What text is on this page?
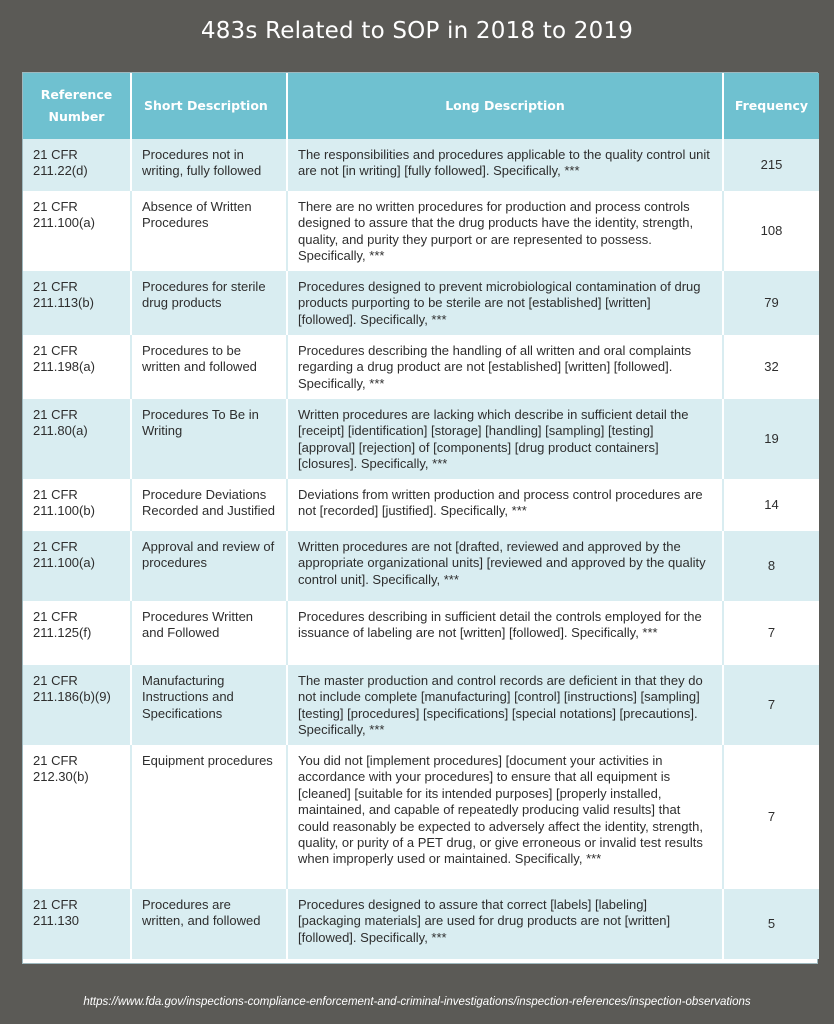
483s Related to SOP in 2018 to 2019
Reference Number	Short Description	Long Description	Frequency
21 CFR 211.22(d)	Procedures not in writing, fully followed	The responsibilities and procedures applicable to the quality control unit are not [in writing] [fully followed]. Specifically, ***	215
21 CFR 211.100(a)	Absence of Written Procedures	There are no written procedures for production and process controls designed to assure that the drug products have the identity, strength, quality, and purity they purport or are represented to possess. Specifically, ***	108
21 CFR 211.113(b)	Procedures for sterile drug products	Procedures designed to prevent microbiological contamination of drug products purporting to be sterile are not [established] [written] [followed]. Specifically, ***	79
21 CFR 211.198(a)	Procedures to be written and followed	Procedures describing the handling of all written and oral complaints regarding a drug product are not [established] [written] [followed]. Specifically, ***	32
21 CFR 211.80(a)	Procedures To Be in Writing	Written procedures are lacking which describe in sufficient detail the [receipt] [identification] [storage] [handling] [sampling] [testing] [approval] [rejection] of [components] [drug product containers] [closures]. Specifically, ***	19
21 CFR 211.100(b)	Procedure Deviations Recorded and Justified	Deviations from written production and process control procedures are not [recorded] [justified]. Specifically, ***	14
21 CFR 211.100(a)	Approval and review of procedures	Written procedures are not [drafted, reviewed and approved by the appropriate organizational units] [reviewed and approved by the quality control unit]. Specifically, ***	8
21 CFR 211.125(f)	Procedures Written and Followed	Procedures describing in sufficient detail the controls employed for the issuance of labeling are not [written] [followed]. Specifically, ***	7
21 CFR 211.186(b)(9)	Manufacturing Instructions and Specifications	The master production and control records are deficient in that they do not include complete [manufacturing] [control] [instructions] [sampling] [testing] [procedures] [specifications] [special notations] [precautions]. Specifically, ***	7
21 CFR 212.30(b)	Equipment procedures	You did not [implement procedures] [document your activities in accordance with your procedures] to ensure that all equipment is [cleaned] [suitable for its intended purposes] [properly installed, maintained, and capable of repeatedly producing valid results] that could reasonably be expected to adversely affect the identity, strength, quality, or purity of a PET drug, or give erroneous or invalid test results when improperly used or maintained. Specifically, ***	7
21 CFR 211.130	Procedures are written, and followed	Procedures designed to assure that correct [labels] [labeling] [packaging materials] are used for drug products are not [written] [followed]. Specifically, ***	5
https://www.fda.gov/inspections-compliance-enforcement-and-criminal-investigations/inspection-references/inspection-observations
